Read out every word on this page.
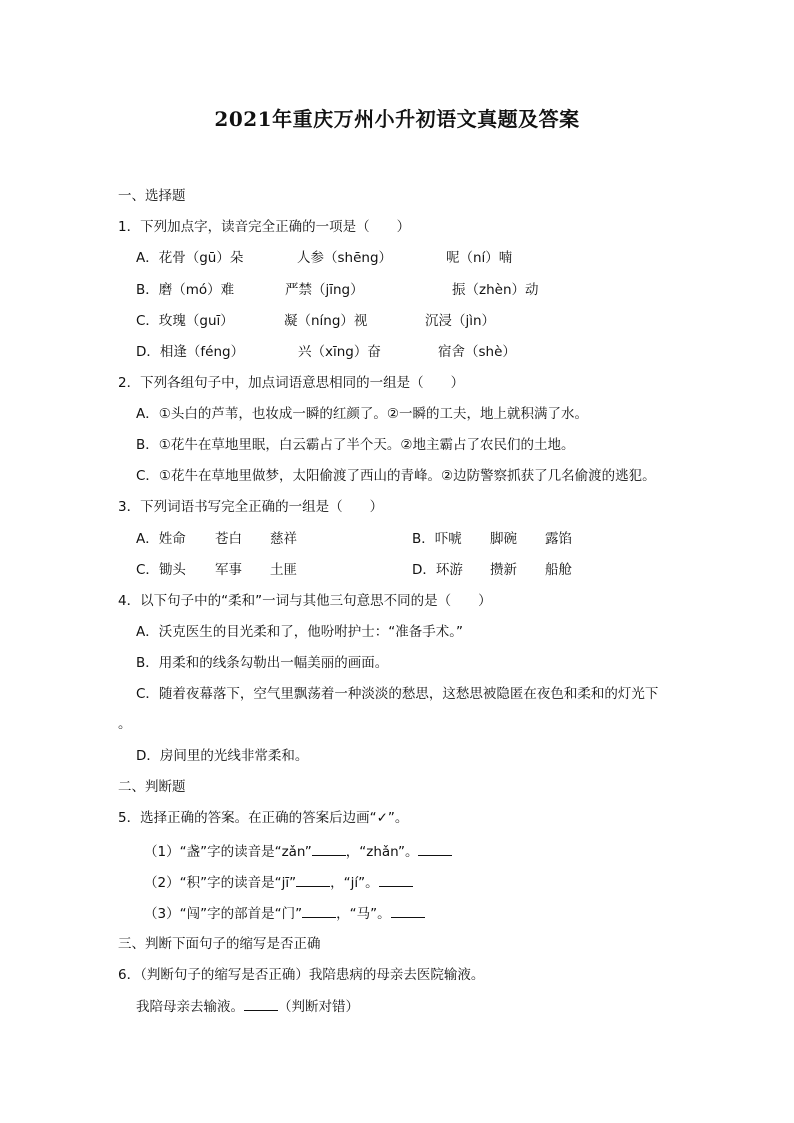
2021年重庆万州小升初语文真题及答案
一、选择题
1．下列加点字，读音完全正确的一项是（　　）
A．花骨（gū）朵	人参（shēng）	呢（ní）喃
B．磨（mó）难	严禁（jīng）	振（zhèn）动
C．玫瑰（guī）	凝（níng）视	沉浸（jìn）
D．相逢（féng）	兴（xīng）奋	宿舍（shè）
2．下列各组句子中，加点词语意思相同的一组是（　　）
A．①头白的芦苇，也妆成一瞬的红颜了。②一瞬的工夫，地上就积满了水。
B．①花牛在草地里眠，白云霸占了半个天。②地主霸占了农民们的土地。
C．①花牛在草地里做梦，太阳偷渡了西山的青峰。②边防警察抓获了几名偷渡的逃犯。
3．下列词语书写完全正确的一组是（　　）
A．姓命 苍白 慈祥	B．吓唬 脚碗 露馅
C．锄头 军事 土匪	D．环游 攒新 船舱
4．以下句子中的“柔和”一词与其他三句意思不同的是（　　）
A．沃克医生的目光柔和了，他吩咐护士：“准备手术。”
B．用柔和的线条勾勒出一幅美丽的画面。
C．随着夜幕落下，空气里飘荡着一种淡淡的愁思，这愁思被隐匿在夜色和柔和的灯光下
。
D．房间里的光线非常柔和。
二、判断题
5．选择正确的答案。在正确的答案后边画“✓”。
（1）“盏”字的读音是“zǎn”	，“zhǎn”。
（2）“积”字的读音是“jī”	，“jí”。
（3）“闯”字的部首是“门”	，“马”。
三、判断下面句子的缩写是否正确
6．（判断句子的缩写是否正确）我陪患病的母亲去医院输液。
我陪母亲去输液。	（判断对错）
